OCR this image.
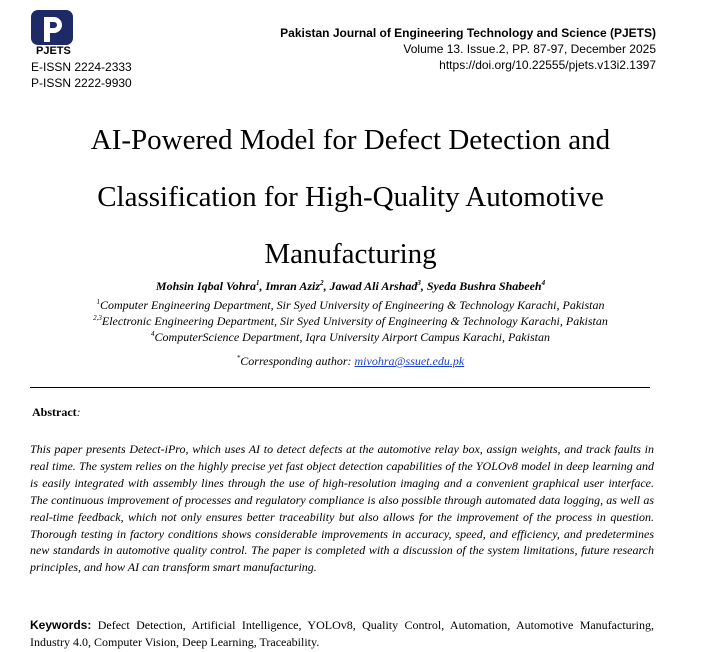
PJETS
E-ISSN 2224-2333
P-ISSN 2222-9930
Pakistan Journal of Engineering Technology and Science (PJETS)
Volume 13. Issue.2, PP. 87-97, December 2025
https://doi.org/10.22555/pjets.v13i2.1397
AI-Powered Model for Defect Detection and
Classification for High-Quality Automotive
Manufacturing
Mohsin Iqbal Vohra$^1$, Imran Aziz$^2$, Jawad Ali Arshad$^3$, Syeda Bushra Shabeeh$^4$
$^1$Computer Engineering Department, Sir Syed University of Engineering & Technology Karachi, Pakistan
$^{2,3}$Electronic Engineering Department, Sir Syed University of Engineering & Technology Karachi, Pakistan
$^4$ComputerScience Department, Iqra University Airport Campus Karachi, Pakistan
*Corresponding author: mivohra@ssuet.edu.pk
Abstract:
This paper presents Detect-iPro, which uses AI to detect defects at the automotive relay box, assign weights, and track faults in real time. The system relies on the highly precise yet fast object detection capabilities of the YOLOv8 model in deep learning and is easily integrated with assembly lines through the use of high-resolution imaging and a convenient graphical user interface. The continuous improvement of processes and regulatory compliance is also possible through automated data logging, as well as real-time feedback, which not only ensures better traceability but also allows for the improvement of the process in question. Thorough testing in factory conditions shows considerable improvements in accuracy, speed, and efficiency, and predetermines new standards in automotive quality control. The paper is completed with a discussion of the system limitations, future research principles, and how AI can transform smart manufacturing.
Keywords: Defect Detection, Artificial Intelligence, YOLOv8, Quality Control, Automation, Automotive Manufacturing, Industry 4.0, Computer Vision, Deep Learning, Traceability.
